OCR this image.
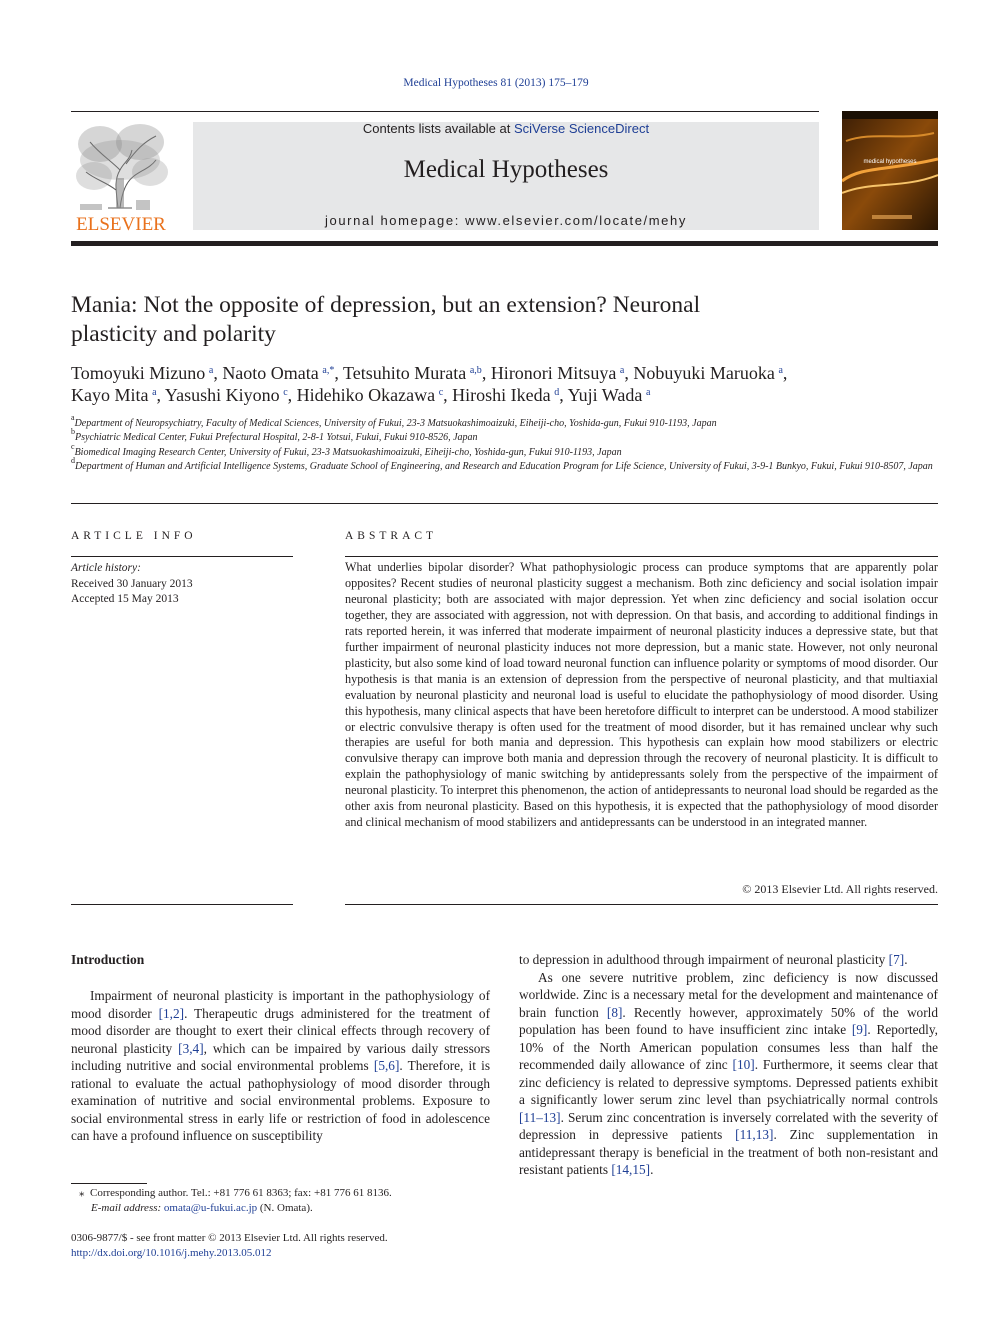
Medical Hypotheses 81 (2013) 175–179
ELSEVIER
Contents lists available at SciVerse ScienceDirect
Medical Hypotheses
journal homepage: www.elsevier.com/locate/mehy
medical hypotheses
Mania: Not the opposite of depression, but an extension? Neuronal
plasticity and polarity
Tomoyuki Mizuno  $^a$, Naoto Omata  $^{a,*}$, Tetsuhito Murata  $^{a,b}$, Hironori Mitsuya  $^a$, Nobuyuki Maruoka  $^a$,
Kayo Mita  $^a$, Yasushi Kiyono  $^c$, Hidehiko Okazawa  $^c$, Hiroshi Ikeda  $^d$, Yuji Wada  $^a$
$^a$Department of Neuropsychiatry, Faculty of Medical Sciences, University of Fukui, 23-3 Matsuokashimoaizuki, Eiheiji-cho, Yoshida-gun, Fukui 910-1193, Japan
$^b$Psychiatric Medical Center, Fukui Prefectural Hospital, 2-8-1 Yotsui, Fukui, Fukui 910-8526, Japan
$^c$Biomedical Imaging Research Center, University of Fukui, 23-3 Matsuokashimoaizuki, Eiheiji-cho, Yoshida-gun, Fukui 910-1193, Japan
$^d$Department of Human and Artificial Intelligence Systems, Graduate School of Engineering, and Research and Education Program for Life Science, University of Fukui, 3-9-1 Bunkyo, Fukui, Fukui 910-8507, Japan
ARTICLE INFO
Article history:
Received 30 January 2013
Accepted 15 May 2013
ABSTRACT
What underlies bipolar disorder? What pathophysiologic process can produce symptoms that are apparently polar opposites? Recent studies of neuronal plasticity suggest a mechanism. Both zinc deficiency and social isolation impair neuronal plasticity; both are associated with major depression. Yet when zinc deficiency and social isolation occur together, they are associated with aggression, not with depression. On that basis, and according to additional findings in rats reported herein, it was inferred that moderate impairment of neuronal plasticity induces a depressive state, but that further impairment of neuronal plasticity induces not more depression, but a manic state. However, not only neuronal plasticity, but also some kind of load toward neuronal function can influence polarity or symptoms of mood disorder. Our hypothesis is that mania is an extension of depression from the perspective of neuronal plasticity, and that multiaxial evaluation by neuronal plasticity and neuronal load is useful to elucidate the pathophysiology of mood disorder. Using this hypothesis, many clinical aspects that have been heretofore difficult to interpret can be understood. A mood stabilizer or electric convulsive therapy is often used for the treatment of mood disorder, but it has remained unclear why such therapies are useful for both mania and depression. This hypothesis can explain how mood stabilizers or electric convulsive therapy can improve both mania and depression through the recovery of neuronal plasticity. It is difficult to explain the pathophysiology of manic switching by antidepressants solely from the perspective of the impairment of neuronal plasticity. To interpret this phenomenon, the action of antidepressants to neuronal load should be regarded as the other axis from neuronal plasticity. Based on this hypothesis, it is expected that the pathophysiology of mood disorder and clinical mechanism of mood stabilizers and antidepressants can be understood in an integrated manner.
© 2013 Elsevier Ltd. All rights reserved.
Introduction
Impairment of neuronal plasticity is important in the pathophysiology of mood disorder [1,2]. Therapeutic drugs administered for the treatment of mood disorder are thought to exert their clinical effects through recovery of neuronal plasticity [3,4], which can be impaired by various daily stressors including nutritive and social environmental problems [5,6]. Therefore, it is rational to evaluate the actual pathophysiology of mood disorder through examination of nutritive and social environmental problems. Exposure to social environmental stress in early life or restriction of food in adolescence can have a profound influence on susceptibility

to depression in adulthood through impairment of neuronal plasticity [7].

As one severe nutritive problem, zinc deficiency is now discussed worldwide. Zinc is a necessary metal for the development and maintenance of brain function [8]. Recently however, approximately 50% of the world population has been found to have insufficient zinc intake [9]. Reportedly, 10% of the North American population consumes less than half the recommended daily allowance of zinc [10]. Furthermore, it seems clear that zinc deficiency is related to depressive symptoms. Depressed patients exhibit a significantly lower serum zinc level than psychiatrically normal controls [11–13]. Serum zinc concentration is inversely correlated with the severity of depression in depressive patients [11,13]. Zinc supplementation in antidepressant therapy is beneficial in the treatment of both non-resistant and resistant patients [14,15].

⁎ Corresponding author. Tel.: +81 776 61 8363; fax: +81 776 61 8136.
E-mail address: omata@u-fukui.ac.jp (N. Omata).
0306-9877/$ - see front matter © 2013 Elsevier Ltd. All rights reserved.
http://dx.doi.org/10.1016/j.mehy.2013.05.012
